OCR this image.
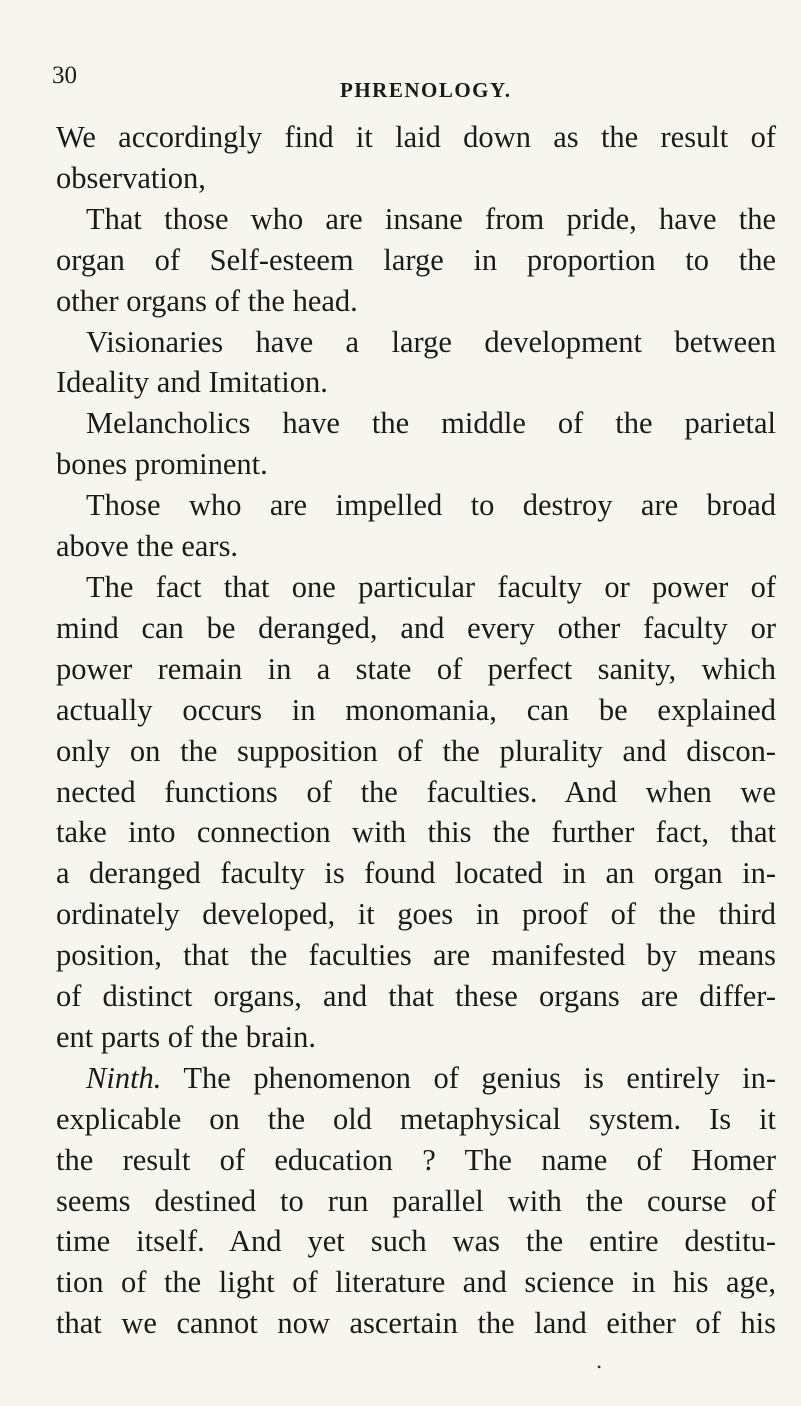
30
PHRENOLOGY.
We accordingly find it laid down as the result of
observation,
That those who are insane from pride, have the
organ of Self-esteem large in proportion to the
other organs of the head.
Visionaries have a large development between
Ideality and Imitation.
Melancholics have the middle of the parietal
bones prominent.
Those who are impelled to destroy are broad
above the ears.
The fact that one particular faculty or power of
mind can be deranged, and every other faculty or
power remain in a state of perfect sanity, which
actually occurs in monomania, can be explained
only on the supposition of the plurality and discon-
nected functions of the faculties. And when we
take into connection with this the further fact, that
a deranged faculty is found located in an organ in-
ordinately developed, it goes in proof of the third
position, that the faculties are manifested by means
of distinct organs, and that these organs are differ-
ent parts of the brain.
Ninth. The phenomenon of genius is entirely in-
explicable on the old metaphysical system. Is it
the result of education ? The name of Homer
seems destined to run parallel with the course of
time itself. And yet such was the entire destitu-
tion of the light of literature and science in his age,
that we cannot now ascertain the land either of his
•
